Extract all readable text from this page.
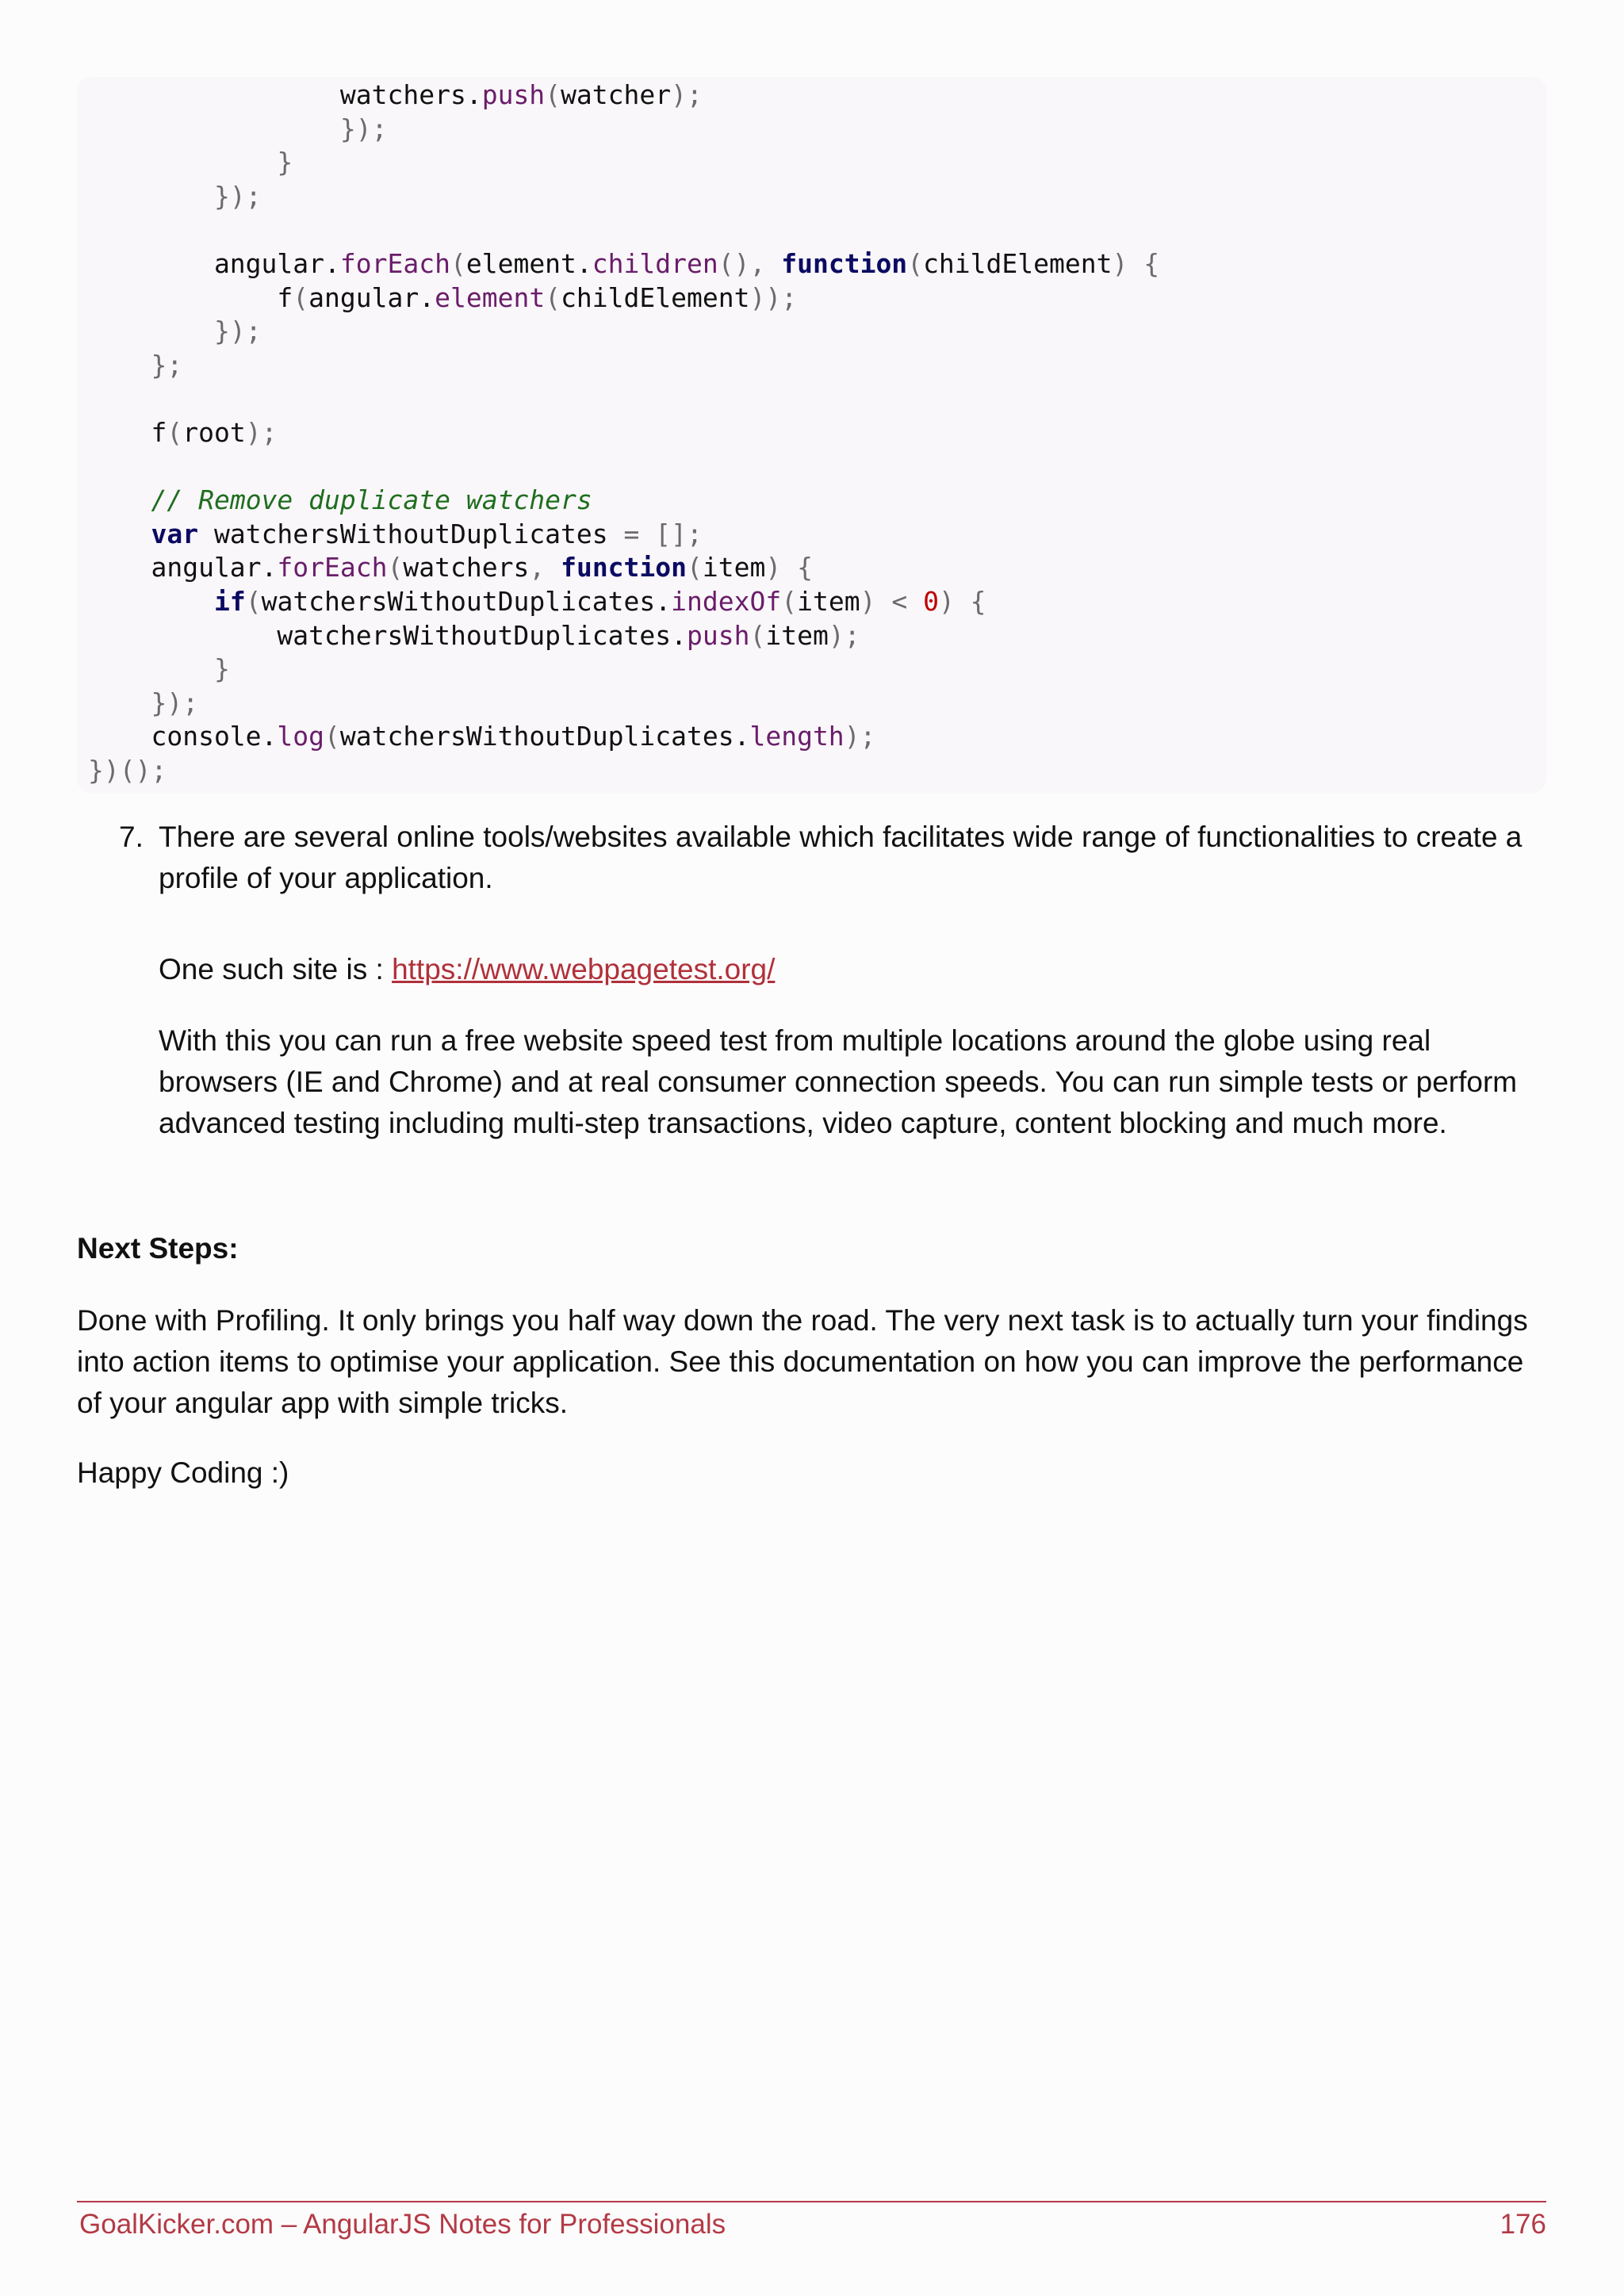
watchers.push(watcher);
});
}
});
angular.forEach(element.children(), function(childElement) {
f(angular.element(childElement));
});
};
f(root);
// Remove duplicate watchers
var watchersWithoutDuplicates = [];
angular.forEach(watchers, function(item) {
if(watchersWithoutDuplicates.indexOf(item) < 0) {
watchersWithoutDuplicates.push(item);
}
});
console.log(watchersWithoutDuplicates.length);
})();
7. There are several online tools/websites available which facilitates wide range of functionalities to create a profile of your application.
One such site is : https://www.webpagetest.org/
With this you can run a free website speed test from multiple locations around the globe using real browsers (IE and Chrome) and at real consumer connection speeds. You can run simple tests or perform advanced testing including multi-step transactions, video capture, content blocking and much more.
Next Steps:
Done with Profiling. It only brings you half way down the road. The very next task is to actually turn your findings into action items to optimise your application. See this documentation on how you can improve the performance of your angular app with simple tricks.
Happy Coding :)
GoalKicker.com – AngularJS Notes for Professionals	176
